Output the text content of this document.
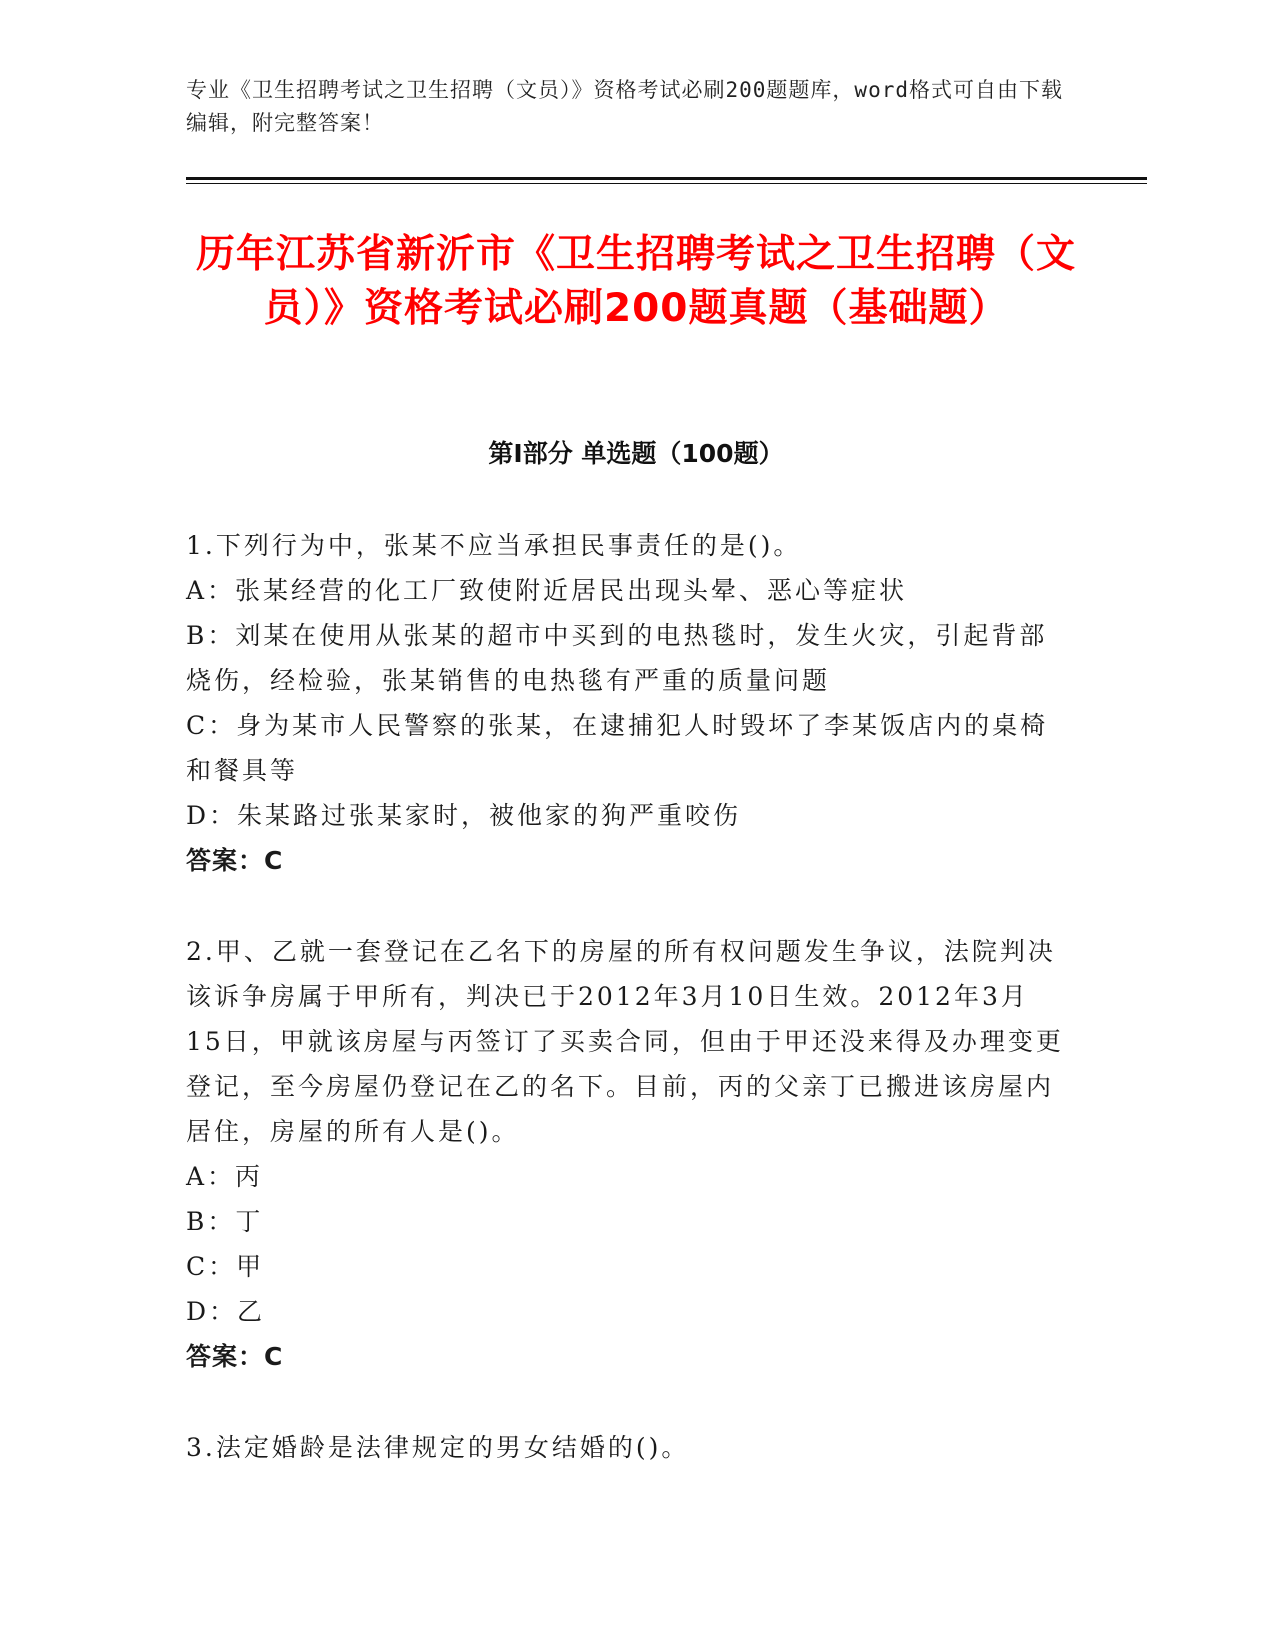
专业《卫生招聘考试之卫生招聘（文员）》资格考试必刷200题题库，word格式可自由下载编辑，附完整答案！
历年江苏省新沂市《卫生招聘考试之卫生招聘（文员）》资格考试必刷200题真题（基础题）
第Ⅰ部分 单选题（100题）

1.下列行为中，张某不应当承担民事责任的是()。

A：张某经营的化工厂致使附近居民出现头晕、恶心等症状

B：刘某在使用从张某的超市中买到的电热毯时，发生火灾，引起背部烧伤，经检验，张某销售的电热毯有严重的质量问题

C：身为某市人民警察的张某，在逮捕犯人时毁坏了李某饭店内的桌椅和餐具等

D：朱某路过张某家时，被他家的狗严重咬伤

答案：C

2.甲、乙就一套登记在乙名下的房屋的所有权问题发生争议，法院判决该诉争房属于甲所有，判决已于2012年3月10日生效。2012年3月15日，甲就该房屋与丙签订了买卖合同，但由于甲还没来得及办理变更登记，至今房屋仍登记在乙的名下。目前，丙的父亲丁已搬进该房屋内居住，房屋的所有人是()。

A：丙

B：丁

C：甲

D：乙

答案：C

3.法定婚龄是法律规定的男女结婚的()。
